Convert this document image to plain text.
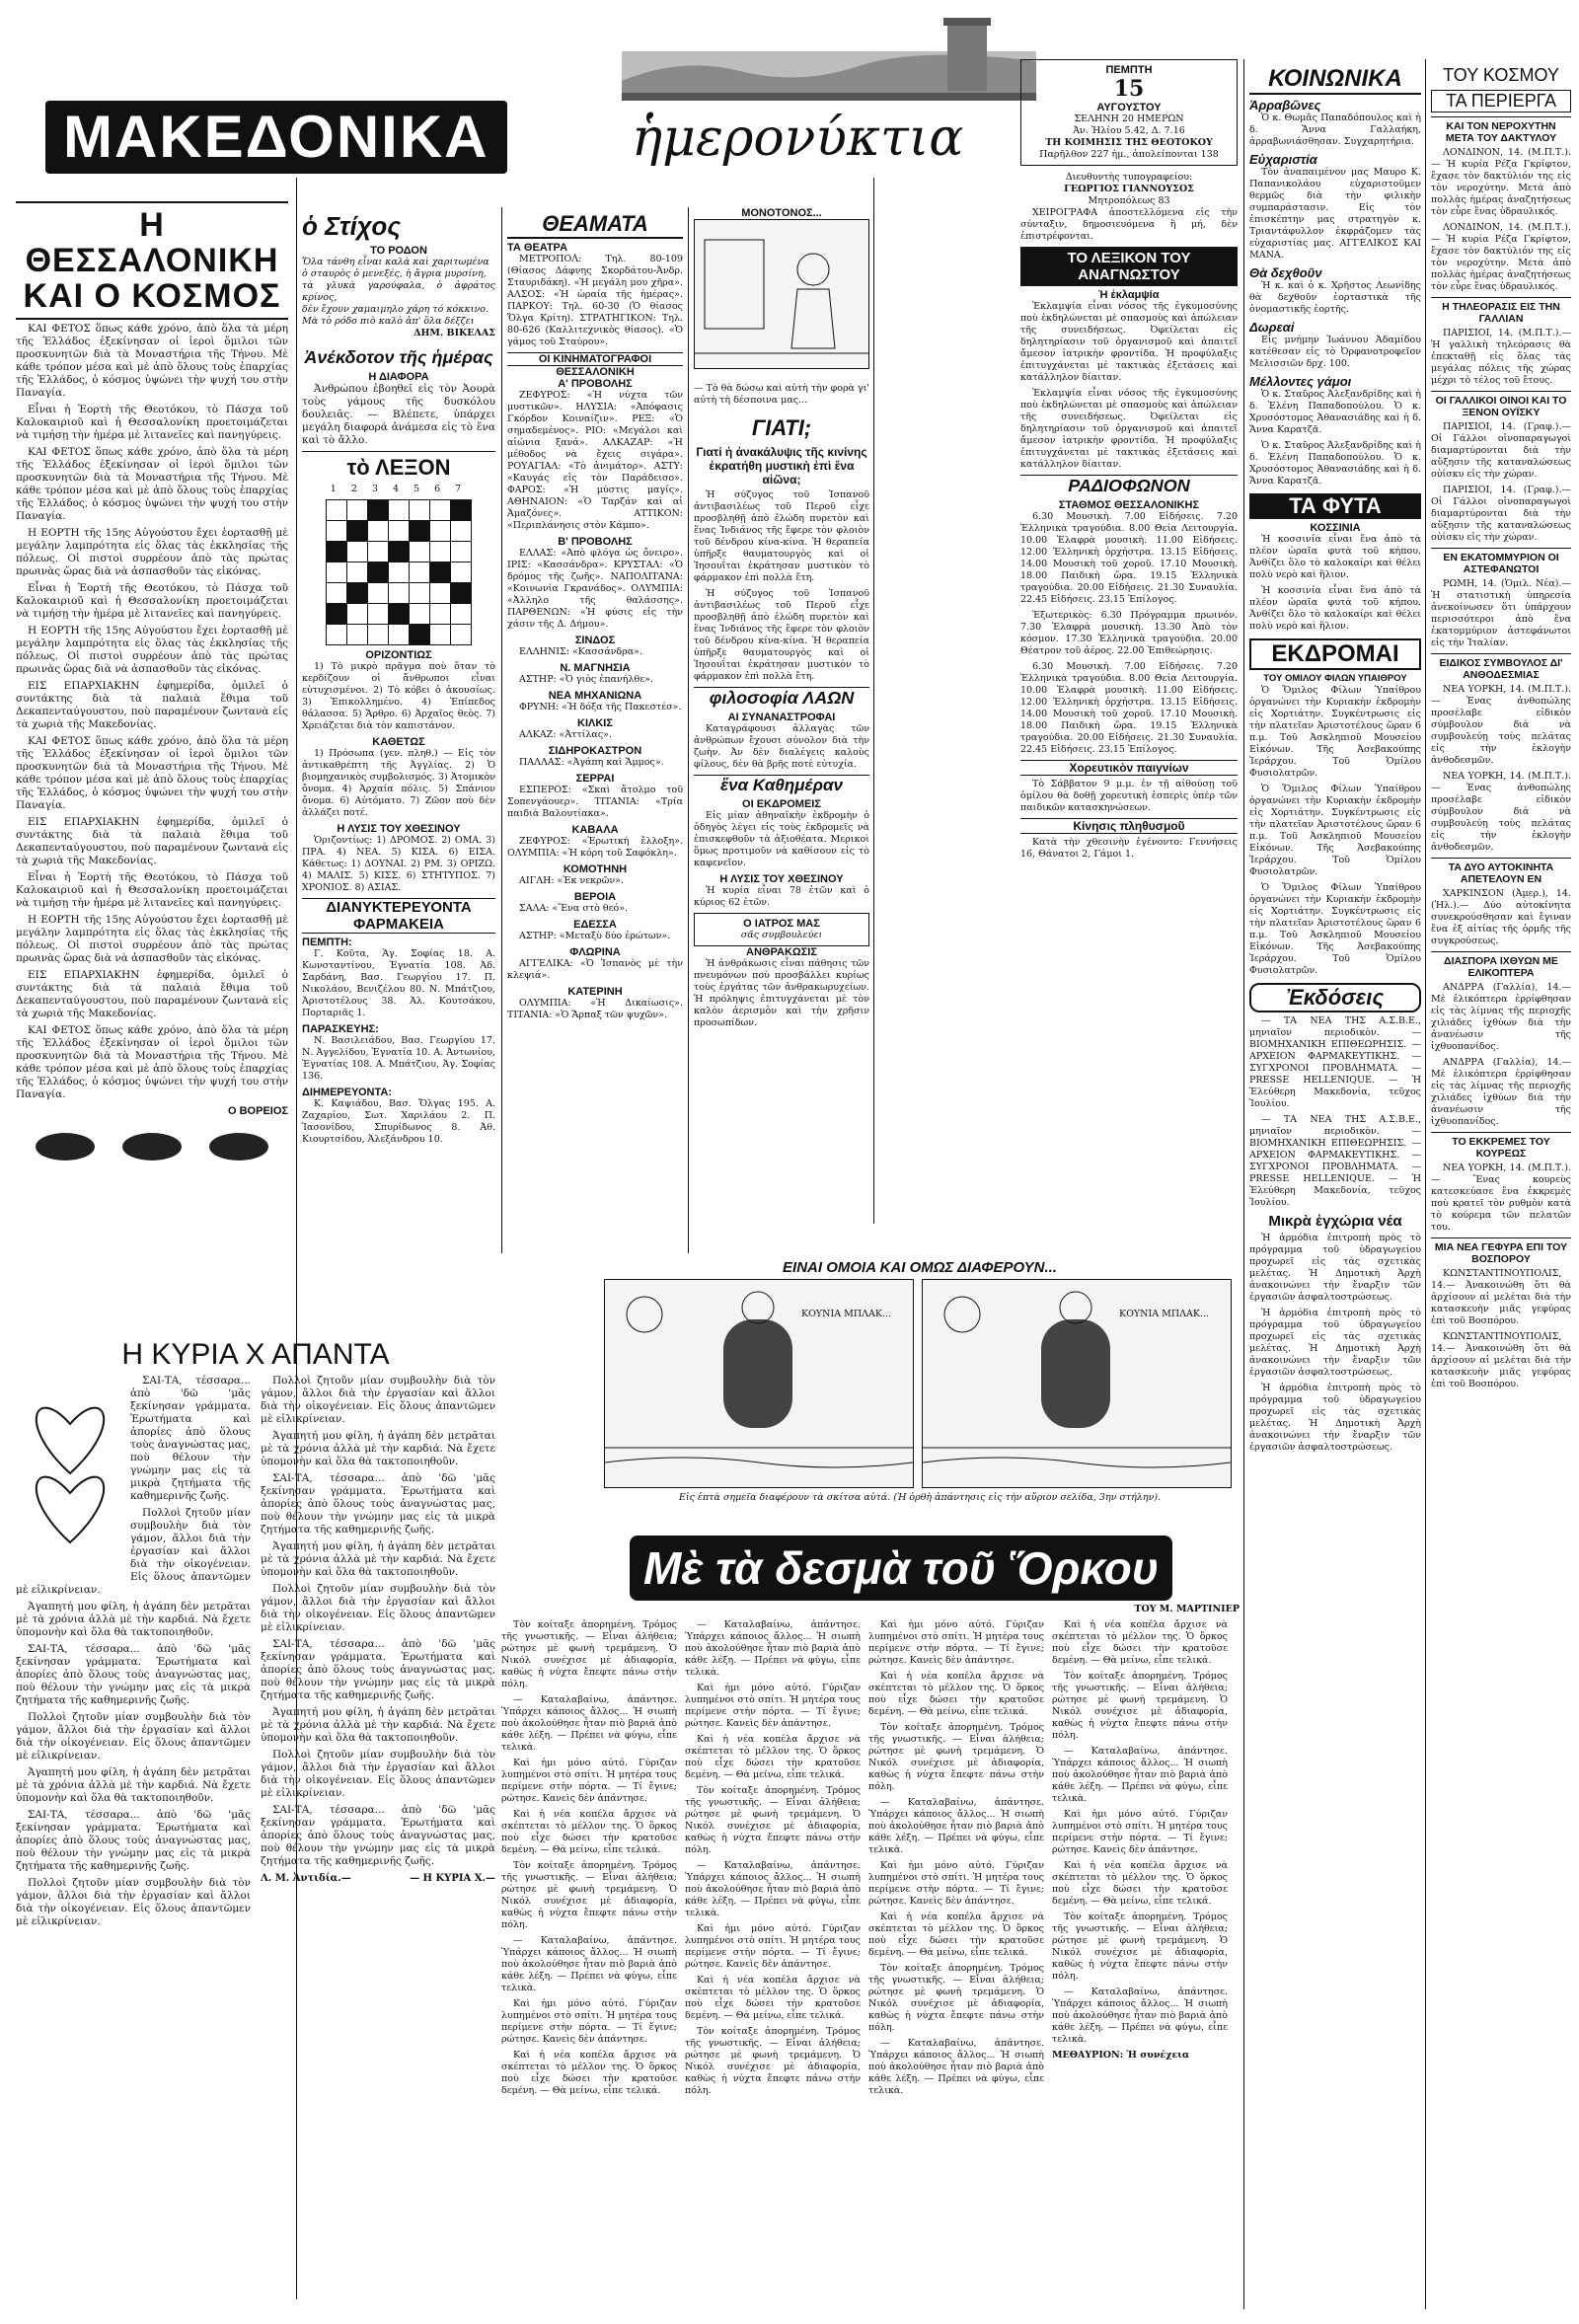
ΜΑΚΕΔΟΝΙΚΑ	ἡμερονύκτια
Η ΘΕΣΣΑΛΟΝΙΚΗ ΚΑΙ Ο ΚΟΣΜΟΣ

ΚΑΙ ΦΕΤΟΣ ὅπως κάθε χρόνο, ἀπὸ ὅλα τὰ μέρη τῆς Ἑλλάδος ἐξεκίνησαν οἱ ἱεροὶ ὅμιλοι τῶν προσκυνητῶν διὰ τὰ Μοναστήρια τῆς Τήνου. Μὲ κάθε τρόπον μέσα καὶ μὲ ἀπὸ ὅλους τοὺς ἐπαρχίας τῆς Ἑλλάδος, ὁ κόσμος ὑψώνει τὴν ψυχή του στὴν Παναγία.

Εἶναι ἡ Ἑορτὴ τῆς Θεοτόκου, τὸ Πάσχα τοῦ Καλοκαιριοῦ καὶ ἡ Θεσσαλονίκη προετοιμάζεται νὰ τιμήσῃ τὴν ἡμέρα μὲ λιτανεῖες καὶ πανηγύρεις.

ΚΑΙ ΦΕΤΟΣ ὅπως κάθε χρόνο, ἀπὸ ὅλα τὰ μέρη τῆς Ἑλλάδος ἐξεκίνησαν οἱ ἱεροὶ ὅμιλοι τῶν προσκυνητῶν διὰ τὰ Μοναστήρια τῆς Τήνου. Μὲ κάθε τρόπον μέσα καὶ μὲ ἀπὸ ὅλους τοὺς ἐπαρχίας τῆς Ἑλλάδος, ὁ κόσμος ὑψώνει τὴν ψυχή του στὴν Παναγία.

Η ΕΟΡΤΗ τῆς 15ης Αὐγούστου ἔχει ἑορτασθῇ μὲ μεγάλην λαμπρότητα εἰς ὅλας τὰς ἐκκλησίας τῆς πόλεως. Οἱ πιστοὶ συρρέουν ἀπὸ τὰς πρώτας πρωινὰς ὥρας διὰ νὰ ἀσπασθοῦν τὰς εἰκόνας.

Εἶναι ἡ Ἑορτὴ τῆς Θεοτόκου, τὸ Πάσχα τοῦ Καλοκαιριοῦ καὶ ἡ Θεσσαλονίκη προετοιμάζεται νὰ τιμήσῃ τὴν ἡμέρα μὲ λιτανεῖες καὶ πανηγύρεις.

Η ΕΟΡΤΗ τῆς 15ης Αὐγούστου ἔχει ἑορτασθῇ μὲ μεγάλην λαμπρότητα εἰς ὅλας τὰς ἐκκλησίας τῆς πόλεως. Οἱ πιστοὶ συρρέουν ἀπὸ τὰς πρώτας πρωινὰς ὥρας διὰ νὰ ἀσπασθοῦν τὰς εἰκόνας.

ΕΙΣ ΕΠΑΡΧΙΑΚΗΝ ἐφημερίδα, ὁμιλεῖ ὁ συντάκτης διὰ τὰ παλαιὰ ἔθιμα τοῦ Δεκαπενταύγουστου, ποὺ παραμένουν ζωντανὰ εἰς τὰ χωριὰ τῆς Μακεδονίας.

ΚΑΙ ΦΕΤΟΣ ὅπως κάθε χρόνο, ἀπὸ ὅλα τὰ μέρη τῆς Ἑλλάδος ἐξεκίνησαν οἱ ἱεροὶ ὅμιλοι τῶν προσκυνητῶν διὰ τὰ Μοναστήρια τῆς Τήνου. Μὲ κάθε τρόπον μέσα καὶ μὲ ἀπὸ ὅλους τοὺς ἐπαρχίας τῆς Ἑλλάδος, ὁ κόσμος ὑψώνει τὴν ψυχή του στὴν Παναγία.

ΕΙΣ ΕΠΑΡΧΙΑΚΗΝ ἐφημερίδα, ὁμιλεῖ ὁ συντάκτης διὰ τὰ παλαιὰ ἔθιμα τοῦ Δεκαπενταύγουστου, ποὺ παραμένουν ζωντανὰ εἰς τὰ χωριὰ τῆς Μακεδονίας.

Εἶναι ἡ Ἑορτὴ τῆς Θεοτόκου, τὸ Πάσχα τοῦ Καλοκαιριοῦ καὶ ἡ Θεσσαλονίκη προετοιμάζεται νὰ τιμήσῃ τὴν ἡμέρα μὲ λιτανεῖες καὶ πανηγύρεις.

Η ΕΟΡΤΗ τῆς 15ης Αὐγούστου ἔχει ἑορτασθῇ μὲ μεγάλην λαμπρότητα εἰς ὅλας τὰς ἐκκλησίας τῆς πόλεως. Οἱ πιστοὶ συρρέουν ἀπὸ τὰς πρώτας πρωινὰς ὥρας διὰ νὰ ἀσπασθοῦν τὰς εἰκόνας.

ΕΙΣ ΕΠΑΡΧΙΑΚΗΝ ἐφημερίδα, ὁμιλεῖ ὁ συντάκτης διὰ τὰ παλαιὰ ἔθιμα τοῦ Δεκαπενταύγουστου, ποὺ παραμένουν ζωντανὰ εἰς τὰ χωριὰ τῆς Μακεδονίας.

ΚΑΙ ΦΕΤΟΣ ὅπως κάθε χρόνο, ἀπὸ ὅλα τὰ μέρη τῆς Ἑλλάδος ἐξεκίνησαν οἱ ἱεροὶ ὅμιλοι τῶν προσκυνητῶν διὰ τὰ Μοναστήρια τῆς Τήνου. Μὲ κάθε τρόπον μέσα καὶ μὲ ἀπὸ ὅλους τοὺς ἐπαρχίας τῆς Ἑλλάδος, ὁ κόσμος ὑψώνει τὴν ψυχή του στὴν Παναγία.

Ο ΒΟΡΕΙΟΣ
Η ΚΥΡΙΑ Χ ΑΠΑΝΤΑ

ΣΑΙ-ΤΑ, τέσσαρα... ἀπὸ 'δῶ 'μᾶς ξεκίνησαν γράμματα. Ἐρωτήματα καὶ ἀπορίες ἀπὸ ὅλους τοὺς ἀναγνώστας μας, ποὺ θέλουν τὴν γνώμην μας εἰς τὰ μικρὰ ζητήματα τῆς καθημερινῆς ζωῆς.

Πολλοὶ ζητοῦν μίαν συμβουλὴν διὰ τὸν γάμον, ἄλλοι διὰ τὴν ἐργασίαν καὶ ἄλλοι διὰ τὴν οἰκογένειαν. Εἰς ὅλους ἀπαντῶμεν μὲ εἰλικρίνειαν.

Ἀγαπητή μου φίλη, ἡ ἀγάπη δὲν μετρᾶται μὲ τὰ χρόνια ἀλλὰ μὲ τὴν καρδιά. Νὰ ἔχετε ὑπομονὴν καὶ ὅλα θὰ τακτοποιηθοῦν.

ΣΑΙ-ΤΑ, τέσσαρα... ἀπὸ 'δῶ 'μᾶς ξεκίνησαν γράμματα. Ἐρωτήματα καὶ ἀπορίες ἀπὸ ὅλους τοὺς ἀναγνώστας μας, ποὺ θέλουν τὴν γνώμην μας εἰς τὰ μικρὰ ζητήματα τῆς καθημερινῆς ζωῆς.

Πολλοὶ ζητοῦν μίαν συμβουλὴν διὰ τὸν γάμον, ἄλλοι διὰ τὴν ἐργασίαν καὶ ἄλλοι διὰ τὴν οἰκογένειαν. Εἰς ὅλους ἀπαντῶμεν μὲ εἰλικρίνειαν.

Ἀγαπητή μου φίλη, ἡ ἀγάπη δὲν μετρᾶται μὲ τὰ χρόνια ἀλλὰ μὲ τὴν καρδιά. Νὰ ἔχετε ὑπομονὴν καὶ ὅλα θὰ τακτοποιηθοῦν.

ΣΑΙ-ΤΑ, τέσσαρα... ἀπὸ 'δῶ 'μᾶς ξεκίνησαν γράμματα. Ἐρωτήματα καὶ ἀπορίες ἀπὸ ὅλους τοὺς ἀναγνώστας μας, ποὺ θέλουν τὴν γνώμην μας εἰς τὰ μικρὰ ζητήματα τῆς καθημερινῆς ζωῆς.

Πολλοὶ ζητοῦν μίαν συμβουλὴν διὰ τὸν γάμον, ἄλλοι διὰ τὴν ἐργασίαν καὶ ἄλλοι διὰ τὴν οἰκογένειαν. Εἰς ὅλους ἀπαντῶμεν μὲ εἰλικρίνειαν.

Πολλοὶ ζητοῦν μίαν συμβουλὴν διὰ τὸν γάμον, ἄλλοι διὰ τὴν ἐργασίαν καὶ ἄλλοι διὰ τὴν οἰκογένειαν. Εἰς ὅλους ἀπαντῶμεν μὲ εἰλικρίνειαν.

Ἀγαπητή μου φίλη, ἡ ἀγάπη δὲν μετρᾶται μὲ τὰ χρόνια ἀλλὰ μὲ τὴν καρδιά. Νὰ ἔχετε ὑπομονὴν καὶ ὅλα θὰ τακτοποιηθοῦν.

ΣΑΙ-ΤΑ, τέσσαρα... ἀπὸ 'δῶ 'μᾶς ξεκίνησαν γράμματα. Ἐρωτήματα καὶ ἀπορίες ἀπὸ ὅλους τοὺς ἀναγνώστας μας, ποὺ θέλουν τὴν γνώμην μας εἰς τὰ μικρὰ ζητήματα τῆς καθημερινῆς ζωῆς.

Ἀγαπητή μου φίλη, ἡ ἀγάπη δὲν μετρᾶται μὲ τὰ χρόνια ἀλλὰ μὲ τὴν καρδιά. Νὰ ἔχετε ὑπομονὴν καὶ ὅλα θὰ τακτοποιηθοῦν.

Πολλοὶ ζητοῦν μίαν συμβουλὴν διὰ τὸν γάμον, ἄλλοι διὰ τὴν ἐργασίαν καὶ ἄλλοι διὰ τὴν οἰκογένειαν. Εἰς ὅλους ἀπαντῶμεν μὲ εἰλικρίνειαν.

ΣΑΙ-ΤΑ, τέσσαρα... ἀπὸ 'δῶ 'μᾶς ξεκίνησαν γράμματα. Ἐρωτήματα καὶ ἀπορίες ἀπὸ ὅλους τοὺς ἀναγνώστας μας, ποὺ θέλουν τὴν γνώμην μας εἰς τὰ μικρὰ ζητήματα τῆς καθημερινῆς ζωῆς.

Ἀγαπητή μου φίλη, ἡ ἀγάπη δὲν μετρᾶται μὲ τὰ χρόνια ἀλλὰ μὲ τὴν καρδιά. Νὰ ἔχετε ὑπομονὴν καὶ ὅλα θὰ τακτοποιηθοῦν.

Πολλοὶ ζητοῦν μίαν συμβουλὴν διὰ τὸν γάμον, ἄλλοι διὰ τὴν ἐργασίαν καὶ ἄλλοι διὰ τὴν οἰκογένειαν. Εἰς ὅλους ἀπαντῶμεν μὲ εἰλικρίνειαν.

ΣΑΙ-ΤΑ, τέσσαρα... ἀπὸ 'δῶ 'μᾶς ξεκίνησαν γράμματα. Ἐρωτήματα καὶ ἀπορίες ἀπὸ ὅλους τοὺς ἀναγνώστας μας, ποὺ θέλουν τὴν γνώμην μας εἰς τὰ μικρὰ ζητήματα τῆς καθημερινῆς ζωῆς.

Λ. Μ. Ἀντιδία.—	— Η ΚΥΡΙΑ Χ.—
ὁ Στίχος
ΤΟ ΡΟΔΟΝ
Ὅλα τάνθη εἶναι καλὰ καὶ χαριτωμένα
ὁ σταυρὸς ὁ μενεξές, ἡ ἄγρια μυρσίνη,
τὰ γλυκὰ γαρούφαλα, ὁ ἀφράτος κρίνος,
δὲν ἔχουν χαμαιμηλο χάρη τό κόκκινο.
Μὰ τὸ ρόδο πιὸ καλὸ ἀπ' ὅλα δέξζει
ΔΗΜ. ΒΙΚΕΛΑΣ
Ἀνέκδοτον τῆς ἡμέρας
Η ΔΙΑΦΟΡΑ

Ἀνθρώπου ἐβοηθεῖ εἰς τὸν Ἀουρὰ τοὺς γάμους τῆς δυσκόλου δουλειᾶς. — Βλέπετε, ὑπάρχει μεγάλη διαφορά ἀνάμεσα εἰς τὸ ἕνα καὶ τὸ ἄλλο.

τὸ ΛΕΞΟΝ
1 2 3 4 5 6 7

ΟΡΙΖΟΝΤΙΩΣ

1) Τὸ μικρὸ πρᾶγμα ποὺ ὅταν τὸ κερδίζουν οἱ ἄνθρωποι εἶναι εὐτυχισμένοι. 2) Τὸ κόβει ὁ ἀκουσίως. 3) Ἐπικολλημένο. 4) Ἐπίπεδος θάλασσα. 5) Ἄρθρο. 6) Ἀρχαῖος θεὸς. 7) Χρειάζεται διὰ τὸν καπιστάνον.

ΚΑΘΕΤΩΣ

1) Πρόσωπα (γεν. πληθ.) — Εἰς τὸν ἀντικαθρέπτη τῆς Ἀγγλίας. 2) Ὁ βιομηχανικὸς συμβολισμός. 3) Ἀτομικὸν ὄνομα. 4) Ἀρχαία πόλις. 5) Σπάνιον ὄνομα. 6) Αὐτόματο. 7) Ζῶον ποὺ δὲν ἀλλάζει ποτέ.

Η ΛΥΣΙΣ ΤΟΥ ΧΘΕΣΙΝΟΥ

Ὁριζοντίως: 1) ΔΡΟΜΟΣ. 2) ΟΜΑ. 3) ΠΡΑ. 4) ΝΕΑ. 5) ΚΙΣΑ. 6) ΕΙΣΑ. Κάθετως: 1) ΔΟΥΝΑΙ. 2) ΡΜ. 3) ΟΡΙΖΩ. 4) ΜΑΛΙΣ. 5) ΚΙΣΣ. 6) ΣΤΗΤΥΠΟΣ. 7) ΧΡΟΝΙΟΣ. 8) ΑΣΙΑΣ.

ΔΙΑΝΥΚΤΕΡΕΥΟΝΤΑ ΦΑΡΜΑΚΕΙΑ
ΠΕΜΠΤΗ:

Γ. Κοῦτα, Ἁγ. Σοφίας 18. Α. Κωνσταντίνου, Ἐγνατία 108. Ἀδ. Σαρδάνη, Βασ. Γεωργίου 17. Π. Νικολάου, Βενιζέλου 80. Ν. Μπάτζιου, Ἀριστοτέλους 38. Ἀλ. Κουτσάκου, Πορταριᾶς 1.

ΠΑΡΑΣΚΕΥΗΣ:

Ν. Βασιλειάδου, Βασ. Γεωργίου 17. Ν. Ἀγγελίδου, Ἐγνατία 10. Α. Ἀντωνίου, Ἐγνατίας 108. Α. Μπάτζιου, Ἁγ. Σοφίας 136.

ΔΙΗΜΕΡΕΥΟΝΤΑ:

Κ. Καψιάδου, Βασ. Ὄλγας 195. Α. Ζαχαρίου, Σωτ. Χαριλάου 2. Π. Ἰασονίδου, Σπυρίδωνος 8. Ἀθ. Κιουρτσίδου, Ἀλεξάνδρου 10.

ΘΕΑΜΑΤΑ
ΤΑ ΘΕΑΤΡΑ

ΜΕΤΡΟΠΟΛ: Τηλ. 80-109 (Θίασος Δάφνης Σκορδάτου-Ἀνδρ. Σταυριδάκη). «Ἡ μεγάλη μου χῆρα». ΑΛΣΟΣ: «Ἡ ὡραία τῆς ἡμέρας». ΠΑΡΚΟΥ: Τηλ. 60-30 (Ὁ θίασος Ὄλγα Κρίτη). ΣΤΡΑΤΗΓΙΚΟΝ: Τηλ. 80-626 (Καλλιτεχνικὸς θίασος). «Ὁ γάμος τοῦ Σταύρου».

ΟΙ ΚΙΝΗΜΑΤΟΓΡΑΦΟΙ
ΘΕΣΣΑΛΟΝΙΚΗ
Α' ΠΡΟΒΟΛΗΣ

ΖΕΦΥΡΟΣ: «Ἡ νύχτα τῶν μυστικῶν». ΗΛΥΣΙΑ: «Ἀπόφασις Γκόρδον Κοιναίζιν». ΡΕΞ: «Ὁ σημαδεμένος». ΡΙΟ: «Μεγάλοι καὶ αἰώνια ξανά». ΑΛΚΑΖΑΡ: «Ἡ μέθοδος νὰ ἔχεις σιγάρα». ΡΟΥΑΓΙΑΛ: «Τὸ ἀνιμάτορ». ΑΣΤΥ: «Καυγάς εἰς τὸν Παράδεισο». ΦΑΡΟΣ: «Ἡ μύστις μαγίς». ΑΘΗΝΑΙΟΝ: «Ὁ Ταρζάν καὶ αἱ Ἀμαζόνες». ΑΤΤΙΚΟΝ: «Περιπλάνησις στὸν Κάμπο».

Β' ΠΡΟΒΟΛΗΣ

ΕΛΛΑΣ: «Ἀπὸ φλόγα ὡς ὄνειρο». ΙΡΙΣ: «Κασσάνδρα». ΚΡΥΣΤΑΛ: «Ὁ δρόμος τῆς ζωῆς». ΝΑΠΟΛΙΤΑΝΑ: «Κοινωνία Γκρανάδος». ΟΛΥΜΠΙΑ: «Ἀλληλο τῆς θαλάσσης». ΠΑΡΘΕΝΩΝ: «Ἡ φύσις εἰς τὴν χάσιν τῆς Δ. Δήμου».

ΣΙΝΔΟΣ

ΕΛΛΗΝΙΣ: «Κασσάνδρα».

Ν. ΜΑΓΝΗΣΙΑ

ΑΣΤΗΡ: «Ὁ γιὸς ἐπανήλθε».

ΝΕΑ ΜΗΧΑΝΙΩΝΑ

ΦΡΥΝΗ: «Ἡ δόξα τῆς Πακεστέσ».

ΚΙΛΚΙΣ

ΑΛΚΑΖ: «Ἀττίλας».

ΣΙΔΗΡΟΚΑΣΤΡΟΝ

ΠΑΛΛΑΣ: «Ἀγάπη καὶ Ἄμμος».

ΣΕΡΡΑΙ

ΕΣΠΕΡΟΣ: «Σκαὶ ἄτολμο τοῦ Σοπενγάουερ». ΤΙΤΑΝΙΑ: «Τρία παιδιὰ Βαλουτίακα».

ΚΑΒΑΛΑ

ΖΕΦΥΡΟΣ: «Ἐρωτική ἔλλοξη». ΟΛΥΜΠΙΑ: «Ἡ κόρη τοῦ Σαφόκλη».

ΚΟΜΟΤΗΝΗ

ΑΙΓΛΗ: «Ἐκ νεκρῶν».

ΒΕΡΟΙΑ

ΣΑΛΑ: «Ἕνα στὸ θεό».

ΕΔΕΣΣΑ

ΑΣΤΗΡ: «Μεταξὺ δύο ἐρώτων».

ΦΛΩΡΙΝΑ

ΑΓΓΕΛΙΚΑ: «Ὁ Ἰσπανὸς μὲ τὴν κλεψιά».

ΚΑΤΕΡΙΝΗ

ΟΛΥΜΠΙΑ: «Ἡ Δικαίωσις». ΤΙΤΑΝΙΑ: «Ὁ Ἄρπαξ τῶν ψυχῶν».

ΜΟΝΟΤΟΝΟΣ...

— Τὸ θὰ δώσω καὶ αὐτὴ τὴν φορὰ γι' αὐτὴ τὴ δέσποινα μας...

ΓΙΑΤΙ;
Γιατί ἡ ἀνακάλυψις τῆς κινίνης ἐκρατήθη μυστικὴ ἐπὶ ἕνα αἰῶνα;

Ἡ σύζυγος τοῦ Ἰσπανοῦ ἀντιβασιλέως τοῦ Περοῦ εἶχε προσβληθῇ ἀπὸ ἑλώδη πυρετὸν καὶ ἕνας Ἰνδιάνος τῆς ἔφερε τὸν φλοιὸν τοῦ δένδρου κίνα-κίνα. Ἡ θεραπεία ὑπῆρξε θαυματουργὸς καὶ οἱ Ἰησουΐται ἐκράτησαν μυστικὸν τὸ φάρμακον ἐπὶ πολλὰ ἔτη.

Ἡ σύζυγος τοῦ Ἰσπανοῦ ἀντιβασιλέως τοῦ Περοῦ εἶχε προσβληθῇ ἀπὸ ἑλώδη πυρετὸν καὶ ἕνας Ἰνδιάνος τῆς ἔφερε τὸν φλοιὸν τοῦ δένδρου κίνα-κίνα. Ἡ θεραπεία ὑπῆρξε θαυματουργὸς καὶ οἱ Ἰησουΐται ἐκράτησαν μυστικὸν τὸ φάρμακον ἐπὶ πολλὰ ἔτη.

φιλοσοφία ΛΑΩΝ
ΑΙ ΣΥΝΑΝΑΣΤΡΟΦΑΙ

Καταγράφουσι ἀλλαγὰς τῶν ἀνθρώπων ἔχουσι σύνολον διὰ τὴν ζωὴν. Ἀν δὲν διαλέγεις καλοὺς φίλους, δὲν θὰ βρῆς ποτὲ εὐτυχία.

ἕνα Καθημέραν
ΟΙ ΕΚΔΡΟΜΕΙΣ

Εἰς μίαν ἀθηναϊκὴν ἐκδρομὴν ὁ ὁδηγὸς λέγει εἰς τοὺς ἐκδρομεῖς νὰ ἐπισκεφθοῦν τὰ ἀξιοθέατα. Μερικοὶ ὅμως προτιμοῦν νὰ καθίσουν εἰς τὸ καφενεῖον.

Η ΛΥΣΙΣ ΤΟΥ ΧΘΕΣΙΝΟΥ

Ἡ κυρία εἶναι 78 ἐτῶν καὶ ὁ κύριος 62 ἐτῶν.

Ο ΙΑΤΡΟΣ ΜΑΣ
σᾶς συμβουλεύει
ΑΝΘΡΑΚΩΣΙΣ

Ἡ ἀνθράκωσις εἶναι πάθησις τῶν πνευμόνων ποὺ προσβάλλει κυρίως τοὺς ἐργάτας τῶν ἀνθρακωρυχείων. Ἡ πρόληψις ἐπιτυγχάνεται μὲ τὸν καλὸν ἀερισμὸν καὶ τὴν χρῆσιν προσωπίδων.

ΠΕΜΠΤΗ
15
ΑΥΓΟΥΣΤΟΥ
ΣΕΛΗΝΗ 20 ΗΜΕΡΩΝ
Ἀν. Ἡλίου 5.42, Δ. 7.16
ΤΗ ΚΟΙΜΗΣΙΣ ΤΗΣ ΘΕΟΤΟΚΟΥ
Παρῆλθον 227 ἡμ., ἀπολείπονται 138
Διευθυντὴς τυπογραφείου:
ΓΕΩΡΓΙΟΣ ΓΙΑΝΝΟΥΣΟΣ
Μητροπόλεως 83

ΧΕΙΡΟΓΡΑΦΑ ἀποστελλόμενα εἰς τὴν σύνταξιν, δημοσιευόμενα ἢ μή, δὲν ἐπιστρέφονται.

ΤΟ ΛΕΞΙΚΟΝ ΤΟΥ ΑΝΑΓΝΩΣΤΟΥ
Ἡ ἐκλαμψία

Ἐκλαμψία εἶναι νόσος τῆς ἐγκυμοσύνης ποὺ ἐκδηλώνεται μὲ σπασμοὺς καὶ ἀπώλειαν τῆς συνειδήσεως. Ὀφείλεται εἰς δηλητηρίασιν τοῦ ὀργανισμοῦ καὶ ἀπαιτεῖ ἄμεσον ἰατρικὴν φροντίδα. Ἡ προφύλαξις ἐπιτυγχάνεται μὲ τακτικὰς ἐξετάσεις καὶ κατάλληλον δίαιταν.

Ἐκλαμψία εἶναι νόσος τῆς ἐγκυμοσύνης ποὺ ἐκδηλώνεται μὲ σπασμοὺς καὶ ἀπώλειαν τῆς συνειδήσεως. Ὀφείλεται εἰς δηλητηρίασιν τοῦ ὀργανισμοῦ καὶ ἀπαιτεῖ ἄμεσον ἰατρικὴν φροντίδα. Ἡ προφύλαξις ἐπιτυγχάνεται μὲ τακτικὰς ἐξετάσεις καὶ κατάλληλον δίαιταν.

ΡΑΔΙΟΦΩΝΟΝ
ΣΤΑΘΜΟΣ ΘΕΣΣΑΛΟΝΙΚΗΣ

6.30 Μουσικὴ. 7.00 Εἰδήσεις. 7.20 Ἑλληνικὰ τραγούδια. 8.00 Θεία Λειτουργία. 10.00 Ἐλαφρὰ μουσικὴ. 11.00 Εἰδήσεις. 12.00 Ἑλληνικὴ ὀρχήστρα. 13.15 Εἰδήσεις. 14.00 Μουσικὴ τοῦ χοροῦ. 17.10 Μουσικὴ. 18.00 Παιδικὴ ὥρα. 19.15 Ἑλληνικὰ τραγούδια. 20.00 Εἰδήσεις. 21.30 Συναυλία. 22.45 Εἰδήσεις. 23.15 Ἐπίλογος.

Ἐξωτερικὸς: 6.30 Πρόγραμμα πρωινόν. 7.30 Ἐλαφρὰ μουσικὴ. 13.30 Ἀπὸ τὸν κόσμον. 17.30 Ἑλληνικὰ τραγούδια. 20.00 Θέατρον τοῦ ἀέρος. 22.00 Ἐπιθεώρησις.

6.30 Μουσικὴ. 7.00 Εἰδήσεις. 7.20 Ἑλληνικὰ τραγούδια. 8.00 Θεία Λειτουργία. 10.00 Ἐλαφρὰ μουσικὴ. 11.00 Εἰδήσεις. 12.00 Ἑλληνικὴ ὀρχήστρα. 13.15 Εἰδήσεις. 14.00 Μουσικὴ τοῦ χοροῦ. 17.10 Μουσικὴ. 18.00 Παιδικὴ ὥρα. 19.15 Ἑλληνικὰ τραγούδια. 20.00 Εἰδήσεις. 21.30 Συναυλία. 22.45 Εἰδήσεις. 23.15 Ἐπίλογος.

Χορευτικὸν παιγνίων

Τὸ Σάββατον 9 μ.μ. ἐν τῇ αἰθούσῃ τοῦ ὁμίλου θὰ δοθῇ χορευτικὴ ἑσπερὶς ὑπὲρ τῶν παιδικῶν κατασκηνώσεων.

Κίνησις πληθυσμοῦ

Κατὰ τὴν χθεσινὴν ἐγένοντο: Γεννήσεις 16, Θάνατοι 2, Γάμοι 1.

ΕΙΝΑΙ ΟΜΟΙΑ ΚΑΙ ΟΜΩΣ ΔΙΑΦΕΡΟΥΝ...
ΚΟΥΝΙΑ ΜΠΛΑΚ...	ΚΟΥΝΙΑ ΜΠΛΑΚ...
Εἰς ἑπτὰ σημεῖα διαφέρουν τὰ σκίτσα αὐτά. (Ἡ ὀρθὴ ἀπάντησις εἰς τὴν αὔριον σελίδα, 3ην στήλην).
Μὲ τὰ δεσμὰ τοῦ Ὅρκου
ΤΟΥ Μ. ΜΑΡΤΙΝΙΕΡ

Τὸν κοίταξε ἀπορημένη. Τρόμος τῆς γνωστικῆς. — Εἶναι ἀλήθεια; ρώτησε μὲ φωνὴ τρεμάμενη. Ὁ Νικόλ συνέχισε μὲ ἀδιαφορία, καθὼς ἡ νύχτα ἔπεφτε πάνω στὴν πόλη.

— Καταλαβαίνω, ἀπάντησε. Ὑπάρχει κάποιος ἄλλος... Ἡ σιωπὴ ποὺ ἀκολούθησε ἦταν πιὸ βαριὰ ἀπὸ κάθε λέξη. — Πρέπει νὰ φύγω, εἶπε τελικὰ.

Καὶ ἡμι μόνο αὐτό. Γύριζαν λυπημένοι στὸ σπίτι. Ἡ μητέρα τους περίμενε στὴν πόρτα. — Τί ἔγινε; ρώτησε. Κανεὶς δὲν ἀπάντησε.

Καὶ ἡ νέα κοπέλα ἄρχισε νὰ σκέπτεται τὸ μέλλον της. Ὁ ὅρκος ποὺ εἶχε δώσει τὴν κρατοῦσε δεμένη. — Θὰ μείνω, εἶπε τελικά.

Τὸν κοίταξε ἀπορημένη. Τρόμος τῆς γνωστικῆς. — Εἶναι ἀλήθεια; ρώτησε μὲ φωνὴ τρεμάμενη. Ὁ Νικόλ συνέχισε μὲ ἀδιαφορία, καθὼς ἡ νύχτα ἔπεφτε πάνω στὴν πόλη.

— Καταλαβαίνω, ἀπάντησε. Ὑπάρχει κάποιος ἄλλος... Ἡ σιωπὴ ποὺ ἀκολούθησε ἦταν πιὸ βαριὰ ἀπὸ κάθε λέξη. — Πρέπει νὰ φύγω, εἶπε τελικὰ.

Καὶ ἡμι μόνο αὐτό. Γύριζαν λυπημένοι στὸ σπίτι. Ἡ μητέρα τους περίμενε στὴν πόρτα. — Τί ἔγινε; ρώτησε. Κανεὶς δὲν ἀπάντησε.

Καὶ ἡ νέα κοπέλα ἄρχισε νὰ σκέπτεται τὸ μέλλον της. Ὁ ὅρκος ποὺ εἶχε δώσει τὴν κρατοῦσε δεμένη. — Θὰ μείνω, εἶπε τελικά.

— Καταλαβαίνω, ἀπάντησε. Ὑπάρχει κάποιος ἄλλος... Ἡ σιωπὴ ποὺ ἀκολούθησε ἦταν πιὸ βαριὰ ἀπὸ κάθε λέξη. — Πρέπει νὰ φύγω, εἶπε τελικὰ.

Καὶ ἡμι μόνο αὐτό. Γύριζαν λυπημένοι στὸ σπίτι. Ἡ μητέρα τους περίμενε στὴν πόρτα. — Τί ἔγινε; ρώτησε. Κανεὶς δὲν ἀπάντησε.

Καὶ ἡ νέα κοπέλα ἄρχισε νὰ σκέπτεται τὸ μέλλον της. Ὁ ὅρκος ποὺ εἶχε δώσει τὴν κρατοῦσε δεμένη. — Θὰ μείνω, εἶπε τελικά.

Τὸν κοίταξε ἀπορημένη. Τρόμος τῆς γνωστικῆς. — Εἶναι ἀλήθεια; ρώτησε μὲ φωνὴ τρεμάμενη. Ὁ Νικόλ συνέχισε μὲ ἀδιαφορία, καθὼς ἡ νύχτα ἔπεφτε πάνω στὴν πόλη.

— Καταλαβαίνω, ἀπάντησε. Ὑπάρχει κάποιος ἄλλος... Ἡ σιωπὴ ποὺ ἀκολούθησε ἦταν πιὸ βαριὰ ἀπὸ κάθε λέξη. — Πρέπει νὰ φύγω, εἶπε τελικὰ.

Καὶ ἡμι μόνο αὐτό. Γύριζαν λυπημένοι στὸ σπίτι. Ἡ μητέρα τους περίμενε στὴν πόρτα. — Τί ἔγινε; ρώτησε. Κανεὶς δὲν ἀπάντησε.

Καὶ ἡ νέα κοπέλα ἄρχισε νὰ σκέπτεται τὸ μέλλον της. Ὁ ὅρκος ποὺ εἶχε δώσει τὴν κρατοῦσε δεμένη. — Θὰ μείνω, εἶπε τελικά.

Τὸν κοίταξε ἀπορημένη. Τρόμος τῆς γνωστικῆς. — Εἶναι ἀλήθεια; ρώτησε μὲ φωνὴ τρεμάμενη. Ὁ Νικόλ συνέχισε μὲ ἀδιαφορία, καθὼς ἡ νύχτα ἔπεφτε πάνω στὴν πόλη.

Καὶ ἡμι μόνο αὐτό. Γύριζαν λυπημένοι στὸ σπίτι. Ἡ μητέρα τους περίμενε στὴν πόρτα. — Τί ἔγινε; ρώτησε. Κανεὶς δὲν ἀπάντησε.

Καὶ ἡ νέα κοπέλα ἄρχισε νὰ σκέπτεται τὸ μέλλον της. Ὁ ὅρκος ποὺ εἶχε δώσει τὴν κρατοῦσε δεμένη. — Θὰ μείνω, εἶπε τελικά.

Τὸν κοίταξε ἀπορημένη. Τρόμος τῆς γνωστικῆς. — Εἶναι ἀλήθεια; ρώτησε μὲ φωνὴ τρεμάμενη. Ὁ Νικόλ συνέχισε μὲ ἀδιαφορία, καθὼς ἡ νύχτα ἔπεφτε πάνω στὴν πόλη.

— Καταλαβαίνω, ἀπάντησε. Ὑπάρχει κάποιος ἄλλος... Ἡ σιωπὴ ποὺ ἀκολούθησε ἦταν πιὸ βαριὰ ἀπὸ κάθε λέξη. — Πρέπει νὰ φύγω, εἶπε τελικὰ.

Καὶ ἡμι μόνο αὐτό. Γύριζαν λυπημένοι στὸ σπίτι. Ἡ μητέρα τους περίμενε στὴν πόρτα. — Τί ἔγινε; ρώτησε. Κανεὶς δὲν ἀπάντησε.

Καὶ ἡ νέα κοπέλα ἄρχισε νὰ σκέπτεται τὸ μέλλον της. Ὁ ὅρκος ποὺ εἶχε δώσει τὴν κρατοῦσε δεμένη. — Θὰ μείνω, εἶπε τελικά.

Τὸν κοίταξε ἀπορημένη. Τρόμος τῆς γνωστικῆς. — Εἶναι ἀλήθεια; ρώτησε μὲ φωνὴ τρεμάμενη. Ὁ Νικόλ συνέχισε μὲ ἀδιαφορία, καθὼς ἡ νύχτα ἔπεφτε πάνω στὴν πόλη.

— Καταλαβαίνω, ἀπάντησε. Ὑπάρχει κάποιος ἄλλος... Ἡ σιωπὴ ποὺ ἀκολούθησε ἦταν πιὸ βαριὰ ἀπὸ κάθε λέξη. — Πρέπει νὰ φύγω, εἶπε τελικὰ.

Καὶ ἡ νέα κοπέλα ἄρχισε νὰ σκέπτεται τὸ μέλλον της. Ὁ ὅρκος ποὺ εἶχε δώσει τὴν κρατοῦσε δεμένη. — Θὰ μείνω, εἶπε τελικά.

Τὸν κοίταξε ἀπορημένη. Τρόμος τῆς γνωστικῆς. — Εἶναι ἀλήθεια; ρώτησε μὲ φωνὴ τρεμάμενη. Ὁ Νικόλ συνέχισε μὲ ἀδιαφορία, καθὼς ἡ νύχτα ἔπεφτε πάνω στὴν πόλη.

— Καταλαβαίνω, ἀπάντησε. Ὑπάρχει κάποιος ἄλλος... Ἡ σιωπὴ ποὺ ἀκολούθησε ἦταν πιὸ βαριὰ ἀπὸ κάθε λέξη. — Πρέπει νὰ φύγω, εἶπε τελικὰ.

Καὶ ἡμι μόνο αὐτό. Γύριζαν λυπημένοι στὸ σπίτι. Ἡ μητέρα τους περίμενε στὴν πόρτα. — Τί ἔγινε; ρώτησε. Κανεὶς δὲν ἀπάντησε.

Καὶ ἡ νέα κοπέλα ἄρχισε νὰ σκέπτεται τὸ μέλλον της. Ὁ ὅρκος ποὺ εἶχε δώσει τὴν κρατοῦσε δεμένη. — Θὰ μείνω, εἶπε τελικά.

Τὸν κοίταξε ἀπορημένη. Τρόμος τῆς γνωστικῆς. — Εἶναι ἀλήθεια; ρώτησε μὲ φωνὴ τρεμάμενη. Ὁ Νικόλ συνέχισε μὲ ἀδιαφορία, καθὼς ἡ νύχτα ἔπεφτε πάνω στὴν πόλη.

— Καταλαβαίνω, ἀπάντησε. Ὑπάρχει κάποιος ἄλλος... Ἡ σιωπὴ ποὺ ἀκολούθησε ἦταν πιὸ βαριὰ ἀπὸ κάθε λέξη. — Πρέπει νὰ φύγω, εἶπε τελικὰ.

ΜΕΘΑΥΡΙΟΝ: Ἡ συνέχεια
ΚΟΙΝΩΝΙΚΑ
Ἀρραβῶνες

Ὁ κ. Θωμᾶς Παπαδόπουλος καὶ ἡ δ. Ἄννα Γαλλαήκη, ἀρραβωνιάσθησαν. Συγχαρητήρια.

Εὐχαριστία

Τὸν ἀναπαιμένον μας Μαυρο Κ. Παπανικολάου εὐχαριστοῦμεν θερμῶς διὰ τὴν φιλικὴν συμπαράστασιν. Εἰς τὸν ἐπισκέπτην μας στρατηγὸν κ. Τριαντάφυλλον ἐκφράζομεν τὰς εὐχαριστίας μας. ΑΓΓΕΛΙΚΟΣ ΚΑΙ ΜΑΝΑ.

Θὰ δεχθοῦν

Ἡ κ. καὶ ὁ κ. Χρῆστος Λεωνίδης θὰ δεχθοῦν ἑορταστικὰ τῆς ὀνομαστικῆς ἑορτῆς.

Δωρεαί

Εἰς μνήμην Ἰωάννου Ἀδαμίδου κατέθεσαν εἰς τὸ Ὀρφανοτροφεῖον Μελισσιῶν δρχ. 100.

Μέλλοντες γάμοι

Ὁ κ. Σταῦρος Ἀλεξανδρίδης καὶ ἡ δ. Ἑλένη Παπαδοπούλου. Ὁ κ. Χρυσόστομος Ἀθανασιάδης καὶ ἡ δ. Ἄννα Καρατζᾶ.

Ὁ κ. Σταῦρος Ἀλεξανδρίδης καὶ ἡ δ. Ἑλένη Παπαδοπούλου. Ὁ κ. Χρυσόστομος Ἀθανασιάδης καὶ ἡ δ. Ἄννα Καρατζᾶ.

ΤΑ ΦΥΤΑ
ΚΟΣΣΙΝΙΑ

Ἡ κοσσινία εἶναι ἕνα ἀπὸ τὰ πλέον ὡραῖα φυτὰ τοῦ κήπου. Ἀνθίζει ὅλο τὸ καλοκαίρι καὶ θέλει πολὺ νερὸ καὶ ἥλιον.

Ἡ κοσσινία εἶναι ἕνα ἀπὸ τὰ πλέον ὡραῖα φυτὰ τοῦ κήπου. Ἀνθίζει ὅλο τὸ καλοκαίρι καὶ θέλει πολὺ νερὸ καὶ ἥλιον.

ΕΚΔΡΟΜΑΙ
ΤΟΥ ΟΜΙΛΟΥ ΦΙΛΩΝ ΥΠΑΙΘΡΟΥ

Ὁ Ὅμιλος Φίλων Ὑπαίθρου ὀργανώνει τὴν Κυριακὴν ἐκδρομὴν εἰς Χορτιάτην. Συγκέντρωσις εἰς τὴν πλατεῖαν Ἀριστοτέλους ὥραν 6 π.μ. Τοῦ Ἀσκληπιοῦ Μουσείου Εἰκόνων. Τῆς Ἀσεβακούπης Ἱεράρχου. Τοῦ Ὁμίλου Φυσιολατρῶν.

Ὁ Ὅμιλος Φίλων Ὑπαίθρου ὀργανώνει τὴν Κυριακὴν ἐκδρομὴν εἰς Χορτιάτην. Συγκέντρωσις εἰς τὴν πλατεῖαν Ἀριστοτέλους ὥραν 6 π.μ. Τοῦ Ἀσκληπιοῦ Μουσείου Εἰκόνων. Τῆς Ἀσεβακούπης Ἱεράρχου. Τοῦ Ὁμίλου Φυσιολατρῶν.

Ὁ Ὅμιλος Φίλων Ὑπαίθρου ὀργανώνει τὴν Κυριακὴν ἐκδρομὴν εἰς Χορτιάτην. Συγκέντρωσις εἰς τὴν πλατεῖαν Ἀριστοτέλους ὥραν 6 π.μ. Τοῦ Ἀσκληπιοῦ Μουσείου Εἰκόνων. Τῆς Ἀσεβακούπης Ἱεράρχου. Τοῦ Ὁμίλου Φυσιολατρῶν.

Ἐκδόσεις

— ΤΑ ΝΕΑ ΤΗΣ Α.Σ.Β.Ε., μηνιαῖον περιοδικὸν. — ΒΙΟΜΗΧΑΝΙΚΗ ΕΠΙΘΕΩΡΗΣΙΣ. — ΑΡΧΕΙΟΝ ΦΑΡΜΑΚΕΥΤΙΚΗΣ. — ΣΥΓΧΡΟΝΟΙ ΠΡΟΒΛΗΜΑΤΑ. — PRESSE HELLENIQUE. — Ἡ Ἐλεύθερη Μακεδονία, τεῦχος Ἰουλίου.

— ΤΑ ΝΕΑ ΤΗΣ Α.Σ.Β.Ε., μηνιαῖον περιοδικὸν. — ΒΙΟΜΗΧΑΝΙΚΗ ΕΠΙΘΕΩΡΗΣΙΣ. — ΑΡΧΕΙΟΝ ΦΑΡΜΑΚΕΥΤΙΚΗΣ. — ΣΥΓΧΡΟΝΟΙ ΠΡΟΒΛΗΜΑΤΑ. — PRESSE HELLENIQUE. — Ἡ Ἐλεύθερη Μακεδονία, τεῦχος Ἰουλίου.

Μικρὰ ἐγχώρια νέα

Ἡ ἀρμόδια ἐπιτροπὴ πρὸς τὸ πρόγραμμα τοῦ ὑδραγωγείου προχωρεῖ εἰς τὰς σχετικὰς μελέτας. Ἡ Δημοτικὴ Ἀρχὴ ἀνακοινώνει τὴν ἔναρξιν τῶν ἐργασιῶν ἀσφαλτοστρώσεως.

Ἡ ἀρμόδια ἐπιτροπὴ πρὸς τὸ πρόγραμμα τοῦ ὑδραγωγείου προχωρεῖ εἰς τὰς σχετικὰς μελέτας. Ἡ Δημοτικὴ Ἀρχὴ ἀνακοινώνει τὴν ἔναρξιν τῶν ἐργασιῶν ἀσφαλτοστρώσεως.

Ἡ ἀρμόδια ἐπιτροπὴ πρὸς τὸ πρόγραμμα τοῦ ὑδραγωγείου προχωρεῖ εἰς τὰς σχετικὰς μελέτας. Ἡ Δημοτικὴ Ἀρχὴ ἀνακοινώνει τὴν ἔναρξιν τῶν ἐργασιῶν ἀσφαλτοστρώσεως.

ΤΟΥ ΚΟΣΜΟΥ
ΤΑ ΠΕΡΙΕΡΓΑ
ΚΑΙ ΤΟΝ ΝΕΡΟΧΥΤΗΝ ΜΕΤΑ ΤΟΥ ΔΑΚΤΥΛΟΥ

ΛΟΝΔΙΝΟΝ, 14. (Μ.Π.Τ.).— Ἡ κυρία Ρέζα Γκρίφτον, ἔχασε τὸν δακτύλιόν της εἰς τὸν νεροχύτην. Μετὰ ἀπὸ πολλὰς ἡμέρας ἀναζητήσεως τὸν εὗρε ἕνας ὑδραυλικός.

ΛΟΝΔΙΝΟΝ, 14. (Μ.Π.Τ.).— Ἡ κυρία Ρέζα Γκρίφτον, ἔχασε τὸν δακτύλιόν της εἰς τὸν νεροχύτην. Μετὰ ἀπὸ πολλὰς ἡμέρας ἀναζητήσεως τὸν εὗρε ἕνας ὑδραυλικός.

Η ΤΗΛΕΟΡΑΣΙΣ ΕΙΣ ΤΗΝ ΓΑΛΛΙΑΝ

ΠΑΡΙΣΙΟΙ, 14. (Μ.Π.Τ.).— Ἡ γαλλικὴ τηλεόρασις θὰ ἐπεκταθῇ εἰς ὅλας τὰς μεγάλας πόλεις τῆς χώρας μέχρι τὸ τέλος τοῦ ἔτους.

ΟΙ ΓΑΛΛΙΚΟΙ ΟΙΝΟΙ ΚΑΙ ΤΟ ΞΕΝΟΝ ΟΥΪΣΚΥ

ΠΑΡΙΣΙΟΙ, 14. (Γραφ.).— Οἱ Γάλλοι οἰνοπαραγωγοὶ διαμαρτύρονται διὰ τὴν αὔξησιν τῆς καταναλώσεως οὐίσκυ εἰς τὴν χώραν.

ΠΑΡΙΣΙΟΙ, 14. (Γραφ.).— Οἱ Γάλλοι οἰνοπαραγωγοὶ διαμαρτύρονται διὰ τὴν αὔξησιν τῆς καταναλώσεως οὐίσκυ εἰς τὴν χώραν.

ΕΝ ΕΚΑΤΟΜΜΥΡΙΟΝ ΟΙ ΑΣΤΕΦΑΝΩΤΟΙ

ΡΩΜΗ, 14. (Ὁμιλ. Νέα).— Ἡ στατιστικὴ ὑπηρεσία ἀνεκοίνωσεν ὅτι ὑπάρχουν περισσότεροι ἀπὸ ἕνα ἑκατομμύριον ἀστεφάνωτοι εἰς τὴν Ἰταλίαν.

ΕΙΔΙΚΟΣ ΣΥΜΒΟΥΛΟΣ ΔΙ' ΑΝΘΟΔΕΣΜΙΑΣ

ΝΕΑ ΥΟΡΚΗ, 14. (Μ.Π.Τ.).— Ἐνας ἀνθοπώλης προσέλαβε εἰδικὸν σύμβουλον διὰ νὰ συμβουλεύῃ τοὺς πελάτας εἰς τὴν ἐκλογὴν ἀνθοδεσμῶν.

ΝΕΑ ΥΟΡΚΗ, 14. (Μ.Π.Τ.).— Ἐνας ἀνθοπώλης προσέλαβε εἰδικὸν σύμβουλον διὰ νὰ συμβουλεύῃ τοὺς πελάτας εἰς τὴν ἐκλογὴν ἀνθοδεσμῶν.

ΤΑ ΔΥΟ ΑΥΤΟΚΙΝΗΤΑ ΑΠΕΤΕΛΟΥΝ ΕΝ

ΧΑΡΚΙΝΣΟΝ (Ἀμερ.), 14. (Ἡλ.).— Δύο αὐτοκίνητα συνεκρούσθησαν καὶ ἔγιναν ἕνα ἐξ αἰτίας τῆς ὁρμῆς τῆς συγκρούσεως.

ΔΙΑΣΠΟΡΑ ΙΧΘΥΩΝ ΜΕ ΕΛΙΚΟΠΤΕΡΑ

ΑΝΔΡΡΑ (Γαλλία), 14.— Μὲ ἑλικόπτερα ἐρρίφθησαν εἰς τὰς λίμνας τῆς περιοχῆς χιλιάδες ἰχθύων διὰ τὴν ἀνανέωσιν τῆς ἰχθυοπανίδος.

ΑΝΔΡΡΑ (Γαλλία), 14.— Μὲ ἑλικόπτερα ἐρρίφθησαν εἰς τὰς λίμνας τῆς περιοχῆς χιλιάδες ἰχθύων διὰ τὴν ἀνανέωσιν τῆς ἰχθυοπανίδος.

ΤΟ ΕΚΚΡΕΜΕΣ ΤΟΥ ΚΟΥΡΕΩΣ

ΝΕΑ ΥΟΡΚΗ, 14. (Μ.Π.Τ.).— Ἕνας κουρεὺς κατεσκεύασε ἕνα ἐκκρεμὲς ποὺ κρατεῖ τὸν ρυθμὸν κατὰ τὸ κούρεμα τῶν πελατῶν του.

ΜΙΑ ΝΕΑ ΓΕΦΥΡΑ ΕΠΙ ΤΟΥ ΒΟΣΠΟΡΟΥ

ΚΩΝΣΤΑΝΤΙΝΟΥΠΟΛΙΣ, 14.— Ἀνακοινώθη ὅτι θὰ ἀρχίσουν αἱ μελέται διὰ τὴν κατασκευὴν μιᾶς γεφύρας ἐπὶ τοῦ Βοσπόρου.

ΚΩΝΣΤΑΝΤΙΝΟΥΠΟΛΙΣ, 14.— Ἀνακοινώθη ὅτι θὰ ἀρχίσουν αἱ μελέται διὰ τὴν κατασκευὴν μιᾶς γεφύρας ἐπὶ τοῦ Βοσπόρου.
